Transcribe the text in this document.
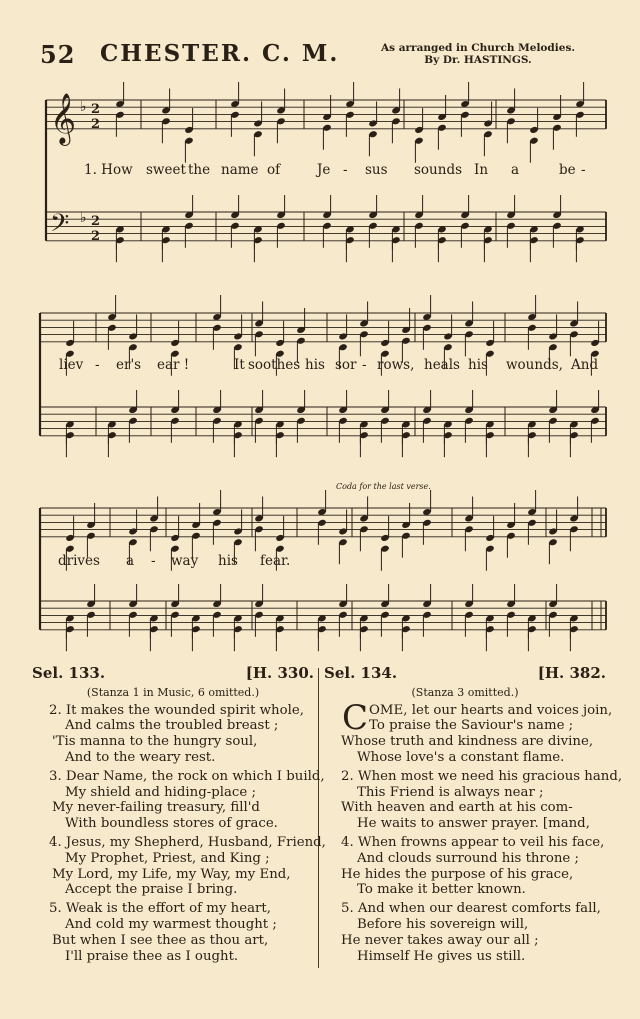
52 CHESTER. C. M.	As arranged in Church Melodies.
By Dr. HASTINGS.
𝄞
𝄢
♭
♭
2
2
2
2
1. How sweet the name of	Je - sus sounds In a	be -
liev - er's ear !	It soothes his sor - rows, heals his wounds, And
drives a - way his fear.
Coda for the last verse.
Sel. 133.	[H. 330.
(Stanza 1 in Music, 6 omitted.)
2. It makes the wounded spirit whole,
And calms the troubled breast ;
'Tis manna to the hungry soul,
And to the weary rest.
3. Dear Name, the rock on which I build,
My shield and hiding-place ;
My never-failing treasury, fill'd
With boundless stores of grace.
4. Jesus, my Shepherd, Husband, Friend,
My Prophet, Priest, and King ;
My Lord, my Life, my Way, my End,
Accept the praise I bring.
5. Weak is the effort of my heart,
And cold my warmest thought ;
But when I see thee as thou art,
I'll praise thee as I ought.
Sel. 134.	[H. 382.
(Stanza 3 omitted.)
COME, let our hearts and voices join,
To praise the Saviour's name ;
Whose truth and kindness are divine,
Whose love's a constant flame.
2. When most we need his gracious hand,
This Friend is always near ;
With heaven and earth at his com-
He waits to answer prayer. [mand,
4. When frowns appear to veil his face,
And clouds surround his throne ;
He hides the purpose of his grace,
To make it better known.
5. And when our dearest comforts fall,
Before his sovereign will,
He never takes away our all ;
Himself He gives us still.
